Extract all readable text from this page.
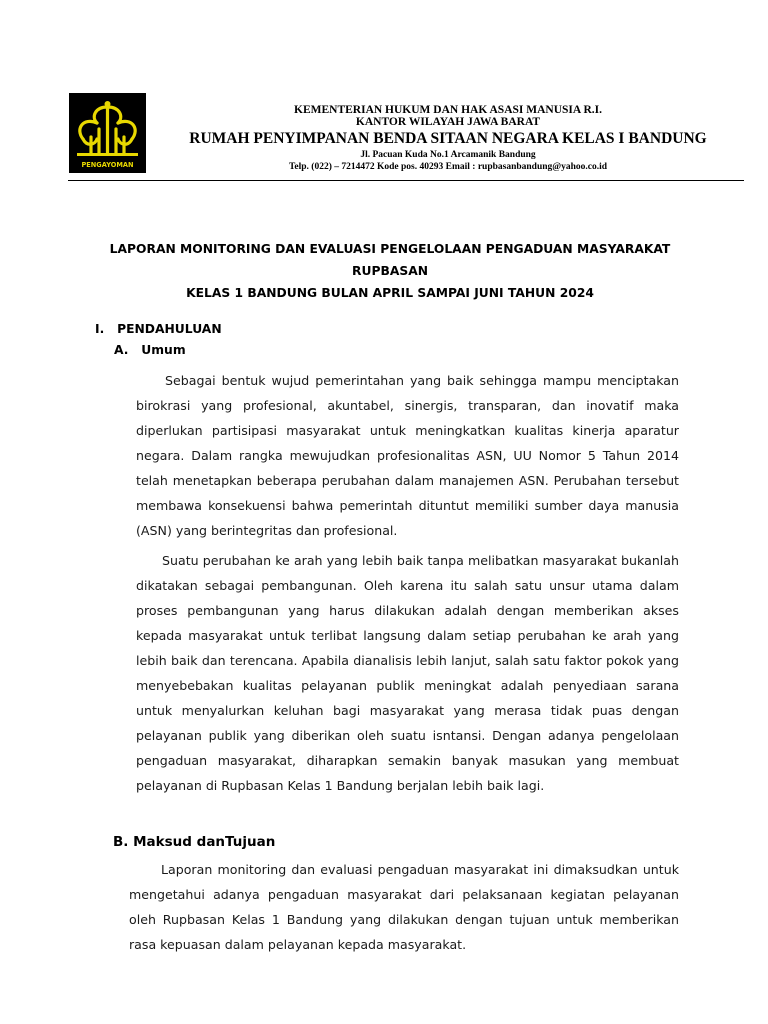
PENGAYOMAN
KEMENTERIAN HUKUM DAN HAK ASASI MANUSIA R.I.
KANTOR WILAYAH JAWA BARAT
RUMAH PENYIMPANAN BENDA SITAAN NEGARA KELAS I BANDUNG
Jl. Pacuan Kuda No.1 Arcamanik Bandung
Telp. (022) – 7214472 Kode pos. 40293 Email : rupbasanbandung@yahoo.co.id
LAPORAN MONITORING DAN EVALUASI PENGELOLAAN PENGADUAN MASYARAKAT RUPBASAN
KELAS 1 BANDUNG BULAN APRIL SAMPAI JUNI TAHUN 2024
I.   PENDAHULUAN
A.   Umum
Sebagai bentuk wujud pemerintahan yang baik sehingga mampu menciptakan birokrasi yang profesional, akuntabel, sinergis, transparan, dan inovatif maka diperlukan partisipasi masyarakat untuk meningkatkan kualitas kinerja aparatur negara. Dalam rangka mewujudkan profesionalitas ASN, UU Nomor 5 Tahun 2014 telah menetapkan beberapa perubahan dalam manajemen ASN. Perubahan tersebut membawa konsekuensi bahwa pemerintah dituntut memiliki sumber daya manusia (ASN) yang berintegritas dan profesional.
Suatu perubahan ke arah yang lebih baik tanpa melibatkan masyarakat bukanlah dikatakan sebagai pembangunan. Oleh karena itu salah satu unsur utama dalam proses pembangunan yang harus dilakukan adalah dengan memberikan akses kepada masyarakat untuk terlibat langsung dalam setiap perubahan ke arah yang lebih baik dan terencana. Apabila dianalisis lebih lanjut, salah satu faktor pokok yang menyebebakan kualitas pelayanan publik meningkat adalah penyediaan sarana untuk menyalurkan keluhan bagi masyarakat yang merasa tidak puas dengan pelayanan publik yang diberikan oleh suatu isntansi. Dengan adanya pengelolaan pengaduan masyarakat, diharapkan semakin banyak masukan yang membuat pelayanan di Rupbasan Kelas 1 Bandung berjalan lebih baik lagi.
B. Maksud danTujuan
Laporan monitoring dan evaluasi pengaduan masyarakat ini dimaksudkan untuk mengetahui adanya pengaduan masyarakat dari pelaksanaan kegiatan pelayanan oleh Rupbasan Kelas 1 Bandung yang dilakukan dengan tujuan untuk memberikan rasa kepuasan dalam pelayanan kepada masyarakat.
